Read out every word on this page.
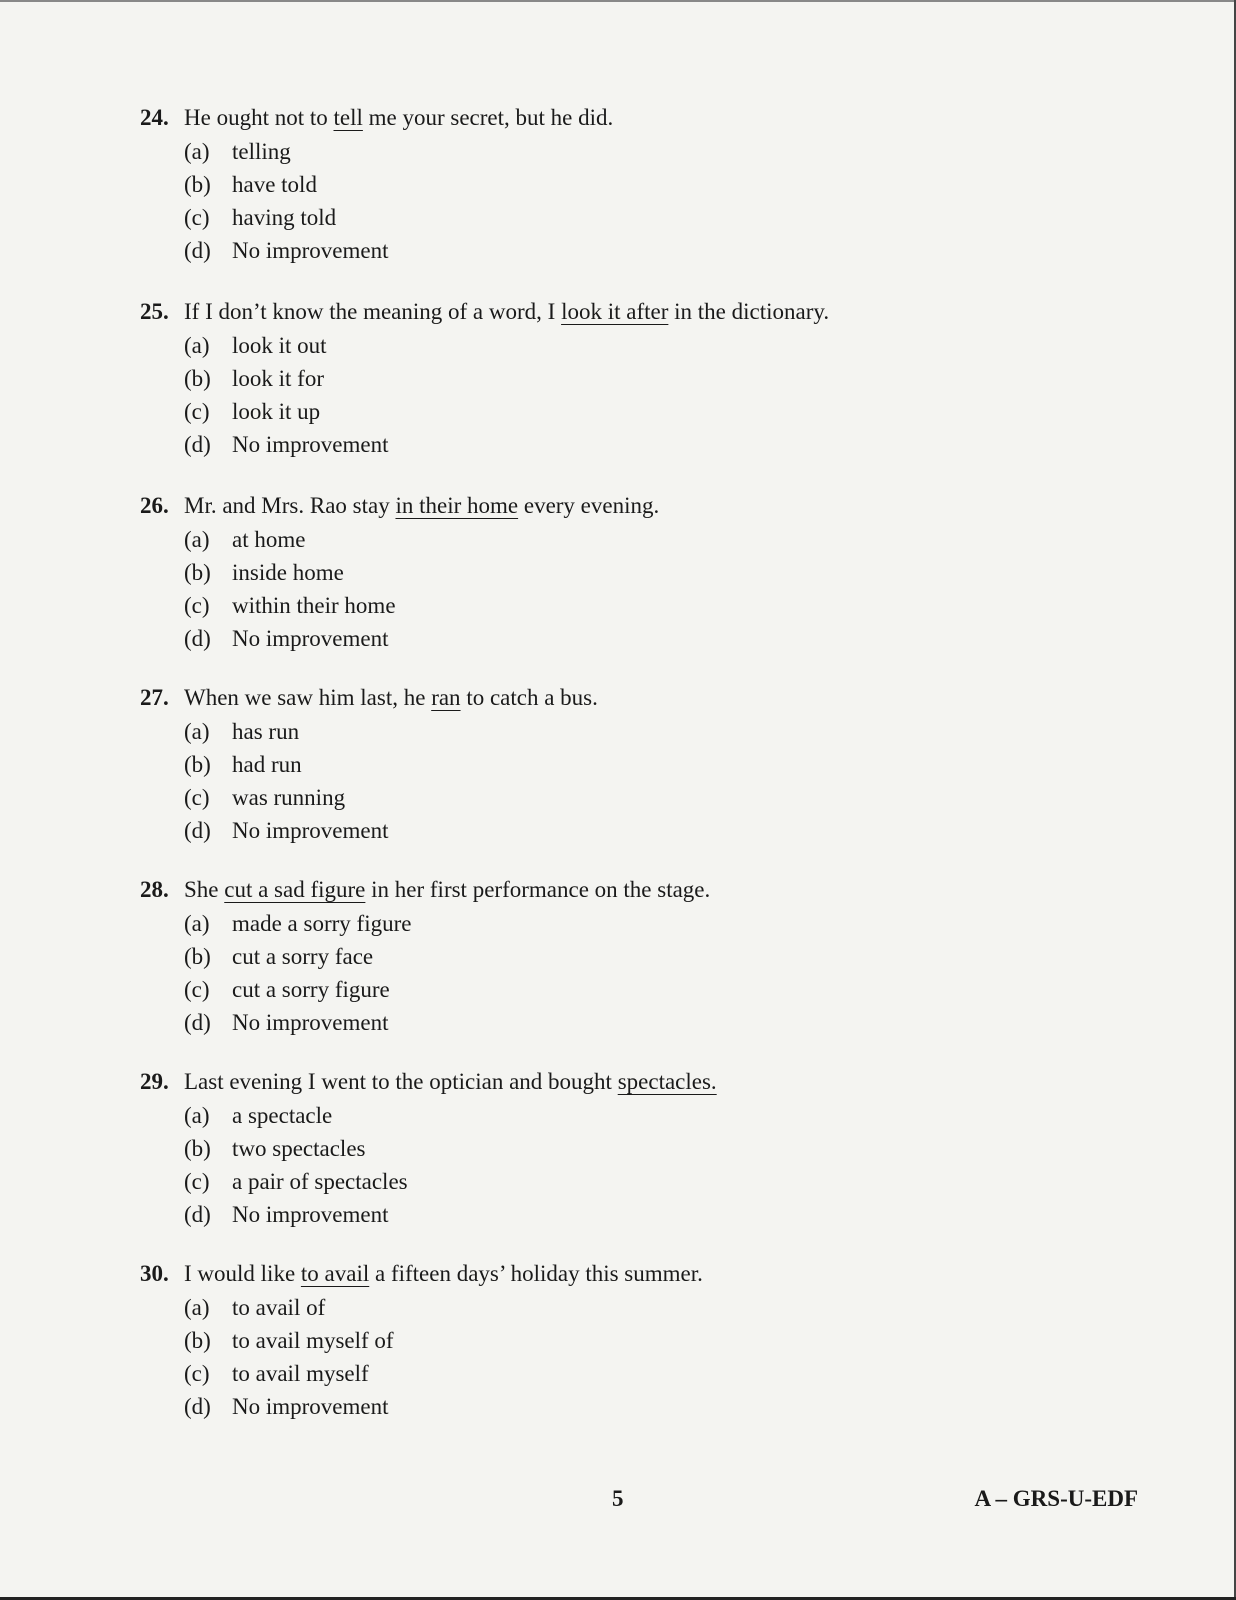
24. He ought not to tell me your secret, but he did.
(a) telling
(b) have told
(c) having told
(d) No improvement
25. If I don’t know the meaning of a word, I look it after in the dictionary.
(a) look it out
(b) look it for
(c) look it up
(d) No improvement
26. Mr. and Mrs. Rao stay in their home every evening.
(a) at home
(b) inside home
(c) within their home
(d) No improvement
27. When we saw him last, he ran to catch a bus.
(a) has run
(b) had run
(c) was running
(d) No improvement
28. She cut a sad figure in her first performance on the stage.
(a) made a sorry figure
(b) cut a sorry face
(c) cut a sorry figure
(d) No improvement
29. Last evening I went to the optician and bought spectacles.
(a) a spectacle
(b) two spectacles
(c) a pair of spectacles
(d) No improvement
30. I would like to avail a fifteen days’ holiday this summer.
(a) to avail of
(b) to avail myself of
(c) to avail myself
(d) No improvement
5	A – GRS-U-EDF
